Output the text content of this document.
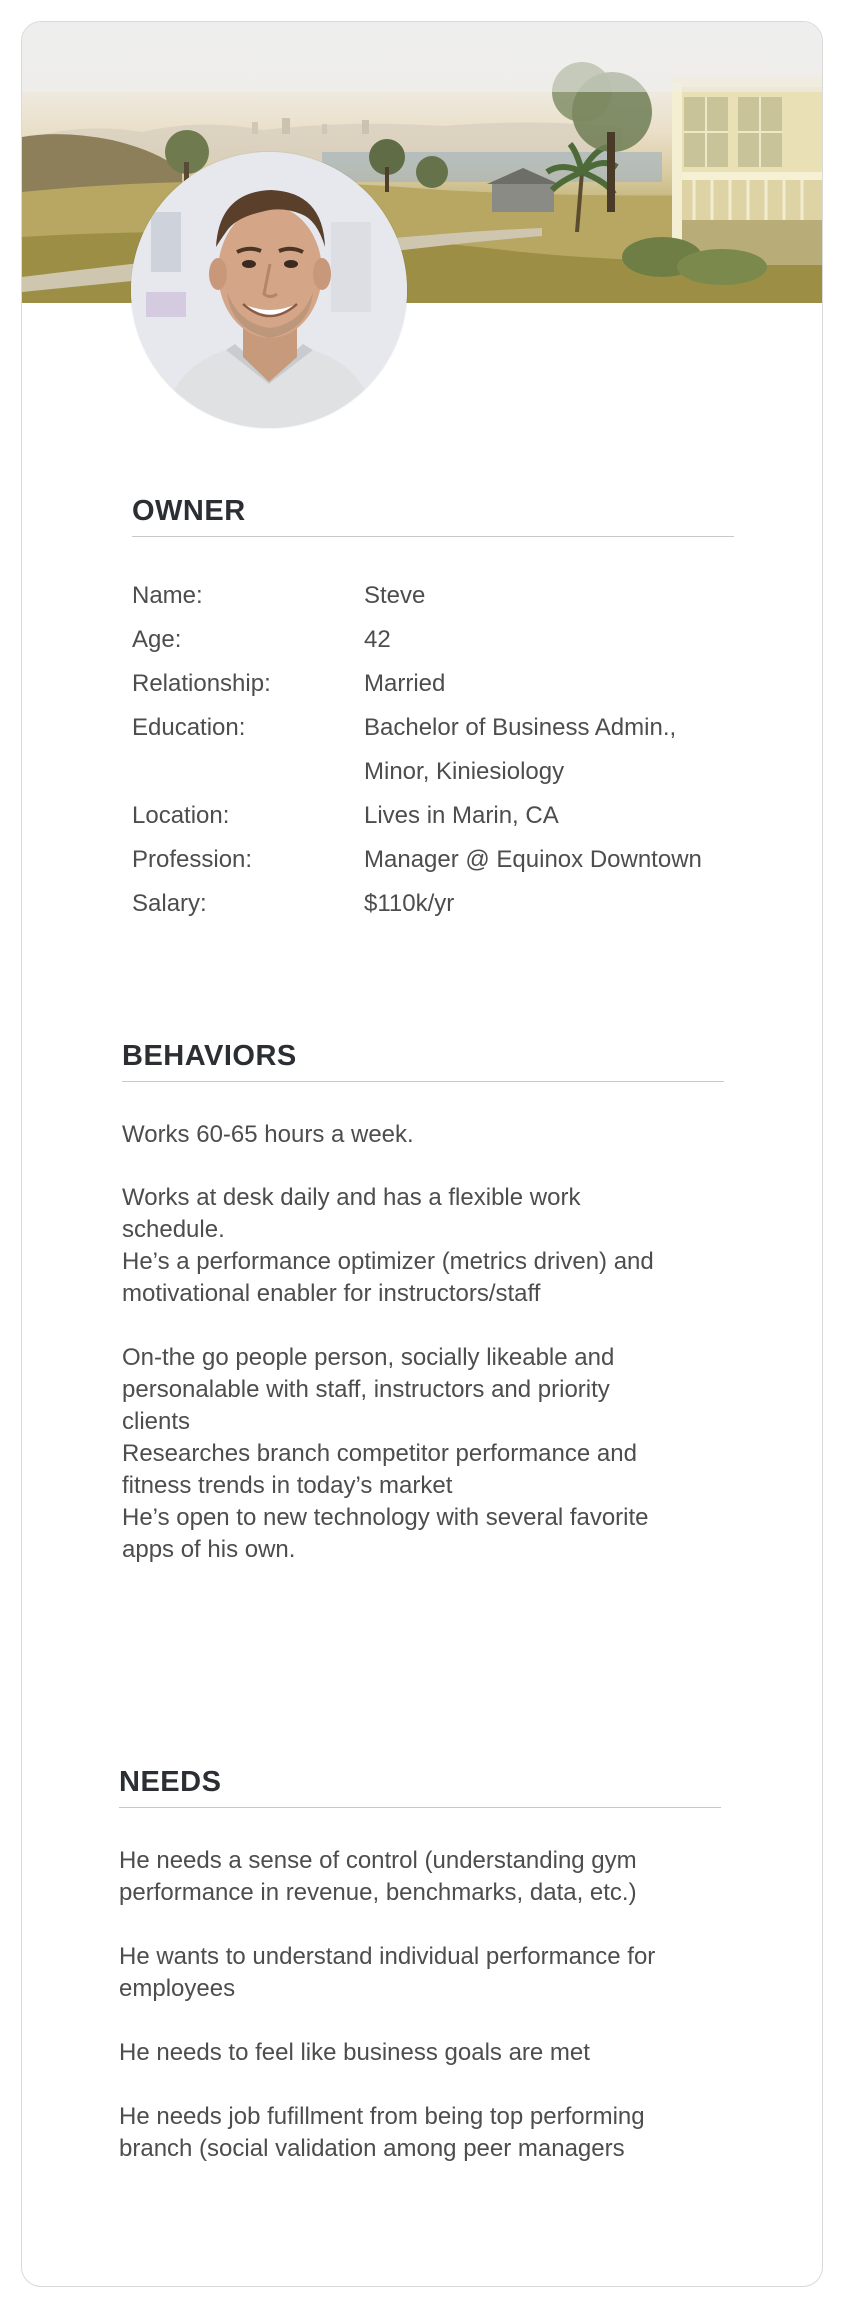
OWNER
Name:	Steve
Age:	42
Relationship:	Married
Education:	Bachelor of Business Admin.,
Minor, Kiniesiology
Location:	Lives in Marin, CA
Profession:	Manager @ Equinox Downtown
Salary:	$110k/yr
BEHAVIORS

Works 60-65 hours a week.

Works at desk daily and has a flexible work schedule.

He’s a performance optimizer (metrics driven) and motivational enabler for instructors/staff

On-the go people person, socially likeable and personalable with staff, instructors and priority clients

Researches branch competitor performance and fitness trends in today’s market

He’s open to new technology with several favorite apps of his own.

NEEDS

He needs a sense of control (understanding gym performance in revenue, benchmarks, data, etc.)

He wants to understand individual performance for employees

He needs to feel like business goals are met

He needs job fufillment from being top performing branch (social validation among peer managers
